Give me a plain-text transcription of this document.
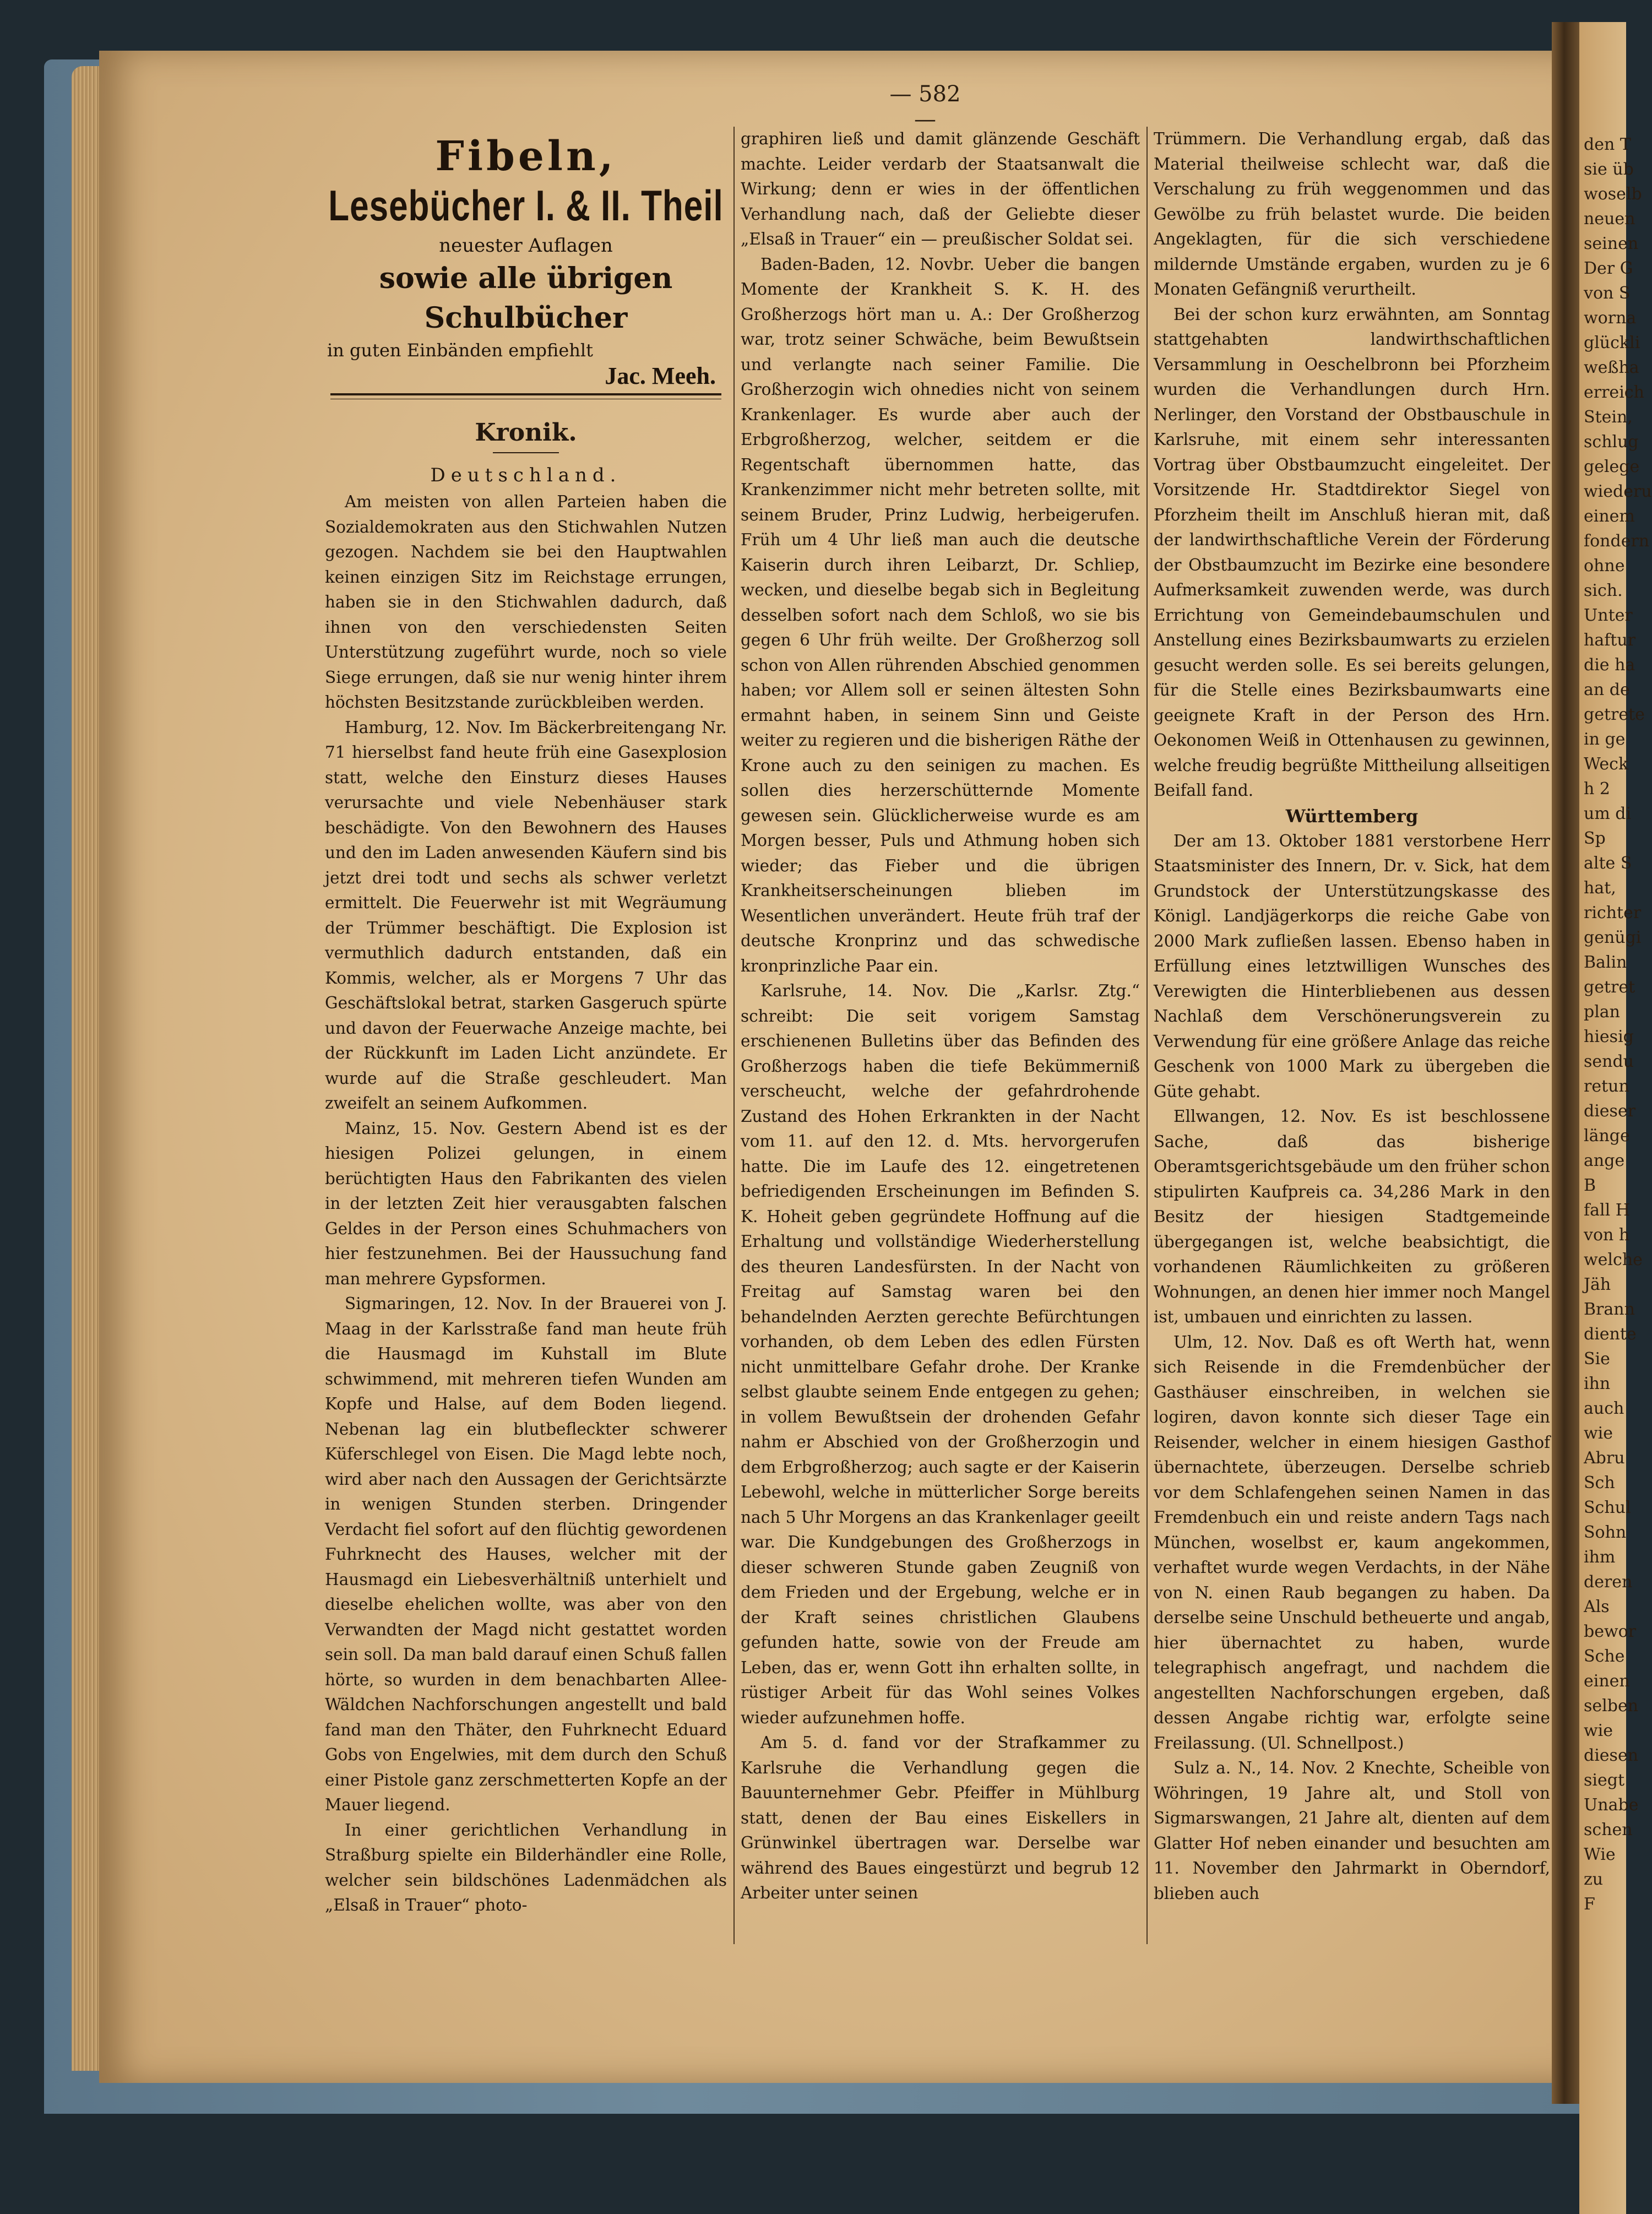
den T
sie üb
woselb
neuen
seinen
Der G
von S
worna
glückli
weßha
erreich
Stein,
schlug
gelege
wiederu
einem
fondern
ohne
sich.
Unter
haftur
die ha
an de
getrete
in ge
Weck
h 2
um di
Sp
alte S
hat,
richter
genügi
Balin
getret
plan
hiesig
sendu
retun
dieser
länge
ange
B
fall H
von h
welche
Jäh
Brann
diente
Sie
ihn
auch
wie
Abru
Sch
Schul
Sohn
ihm
deren
Als
bewor
Sche
einen
selben
wie
diesen
siegt
Unabe
schen
Wie
zu
F
— 582 —
Fibeln,
Lesebücher I. & II. Theil
neuester Auflagen
sowie alle übrigen Schulbücher
in guten Einbänden empfiehlt
Jac. Meeh.
Kronik.
Deutschland.

Am meisten von allen Parteien haben die Sozialdemokraten aus den Stichwahlen Nutzen gezogen. Nachdem sie bei den Hauptwahlen keinen einzigen Sitz im Reichstage errungen, haben sie in den Stichwahlen dadurch, daß ihnen von den verschiedensten Seiten Unterstützung zugeführt wurde, noch so viele Siege errungen, daß sie nur wenig hinter ihrem höchsten Besitzstande zurückbleiben werden.

Hamburg, 12. Nov. Im Bäckerbreitengang Nr. 71 hierselbst fand heute früh eine Gasexplosion statt, welche den Einsturz dieses Hauses verursachte und viele Nebenhäuser stark beschädigte. Von den Bewohnern des Hauses und den im Laden anwesenden Käufern sind bis jetzt drei todt und sechs als schwer verletzt ermittelt. Die Feuerwehr ist mit Wegräumung der Trümmer beschäftigt. Die Explosion ist vermuthlich dadurch entstanden, daß ein Kommis, welcher, als er Morgens 7 Uhr das Geschäftslokal betrat, starken Gasgeruch spürte und davon der Feuerwache Anzeige machte, bei der Rückkunft im Laden Licht anzündete. Er wurde auf die Straße geschleudert. Man zweifelt an seinem Aufkommen.

Mainz, 15. Nov. Gestern Abend ist es der hiesigen Polizei gelungen, in einem berüchtigten Haus den Fabrikanten des vielen in der letzten Zeit hier verausgabten falschen Geldes in der Person eines Schuhmachers von hier festzunehmen. Bei der Haussuchung fand man mehrere Gypsformen.

Sigmaringen, 12. Nov. In der Brauerei von J. Maag in der Karlsstraße fand man heute früh die Hausmagd im Kuhstall im Blute schwimmend, mit mehreren tiefen Wunden am Kopfe und Halse, auf dem Boden liegend. Nebenan lag ein blutbefleckter schwerer Küferschlegel von Eisen. Die Magd lebte noch, wird aber nach den Aussagen der Gerichtsärzte in wenigen Stunden sterben. Dringender Verdacht fiel sofort auf den flüchtig gewordenen Fuhrknecht des Hauses, welcher mit der Hausmagd ein Liebesverhältniß unterhielt und dieselbe ehelichen wollte, was aber von den Verwandten der Magd nicht gestattet worden sein soll. Da man bald darauf einen Schuß fallen hörte, so wurden in dem benachbarten Allee-Wäldchen Nachforschungen angestellt und bald fand man den Thäter, den Fuhrknecht Eduard Gobs von Engelwies, mit dem durch den Schuß einer Pistole ganz zerschmetterten Kopfe an der Mauer liegend.

In einer gerichtlichen Verhandlung in Straßburg spielte ein Bilderhändler eine Rolle, welcher sein bildschönes Ladenmädchen als „Elsaß in Trauer“ photo-

graphiren ließ und damit glänzende Geschäft machte. Leider verdarb der Staatsanwalt die Wirkung; denn er wies in der öffentlichen Verhandlung nach, daß der Geliebte dieser „Elsaß in Trauer“ ein — preußischer Soldat sei.

Baden-Baden, 12. Novbr. Ueber die bangen Momente der Krankheit S. K. H. des Großherzogs hört man u. A.: Der Großherzog war, trotz seiner Schwäche, beim Bewußtsein und verlangte nach seiner Familie. Die Großherzogin wich ohnedies nicht von seinem Krankenlager. Es wurde aber auch der Erbgroßherzog, welcher, seitdem er die Regentschaft übernommen hatte, das Krankenzimmer nicht mehr betreten sollte, mit seinem Bruder, Prinz Ludwig, herbeigerufen. Früh um 4 Uhr ließ man auch die deutsche Kaiserin durch ihren Leibarzt, Dr. Schliep, wecken, und dieselbe begab sich in Begleitung desselben sofort nach dem Schloß, wo sie bis gegen 6 Uhr früh weilte. Der Großherzog soll schon von Allen rührenden Abschied genommen haben; vor Allem soll er seinen ältesten Sohn ermahnt haben, in seinem Sinn und Geiste weiter zu regieren und die bisherigen Räthe der Krone auch zu den seinigen zu machen. Es sollen dies herzerschütternde Momente gewesen sein. Glücklicherweise wurde es am Morgen besser, Puls und Athmung hoben sich wieder; das Fieber und die übrigen Krankheitserscheinungen blieben im Wesentlichen unverändert. Heute früh traf der deutsche Kronprinz und das schwedische kronprinzliche Paar ein.

Karlsruhe, 14. Nov. Die „Karlsr. Ztg.“ schreibt: Die seit vorigem Samstag erschienenen Bulletins über das Befinden des Großherzogs haben die tiefe Bekümmerniß verscheucht, welche der gefahrdrohende Zustand des Hohen Erkrankten in der Nacht vom 11. auf den 12. d. Mts. hervorgerufen hatte. Die im Laufe des 12. eingetretenen befriedigenden Erscheinungen im Befinden S. K. Hoheit geben gegründete Hoffnung auf die Erhaltung und vollständige Wiederherstellung des theuren Landesfürsten. In der Nacht von Freitag auf Samstag waren bei den behandelnden Aerzten gerechte Befürchtungen vorhanden, ob dem Leben des edlen Fürsten nicht unmittelbare Gefahr drohe. Der Kranke selbst glaubte seinem Ende entgegen zu gehen; in vollem Bewußtsein der drohenden Gefahr nahm er Abschied von der Großherzogin und dem Erbgroßherzog; auch sagte er der Kaiserin Lebewohl, welche in mütterlicher Sorge bereits nach 5 Uhr Morgens an das Krankenlager geeilt war. Die Kundgebungen des Großherzogs in dieser schweren Stunde gaben Zeugniß von dem Frieden und der Ergebung, welche er in der Kraft seines christlichen Glaubens gefunden hatte, sowie von der Freude am Leben, das er, wenn Gott ihn erhalten sollte, in rüstiger Arbeit für das Wohl seines Volkes wieder aufzunehmen hoffe.

Am 5. d. fand vor der Strafkammer zu Karlsruhe die Verhandlung gegen die Bauunternehmer Gebr. Pfeiffer in Mühlburg statt, denen der Bau eines Eiskellers in Grünwinkel übertragen war. Derselbe war während des Baues eingestürzt und begrub 12 Arbeiter unter seinen

Trümmern. Die Verhandlung ergab, daß das Material theilweise schlecht war, daß die Verschalung zu früh weggenommen und das Gewölbe zu früh belastet wurde. Die beiden Angeklagten, für die sich verschiedene mildernde Umstände ergaben, wurden zu je 6 Monaten Gefängniß verurtheilt.

Bei der schon kurz erwähnten, am Sonntag stattgehabten landwirthschaftlichen Versammlung in Oeschelbronn bei Pforzheim wurden die Verhandlungen durch Hrn. Nerlinger, den Vorstand der Obstbauschule in Karlsruhe, mit einem sehr interessanten Vortrag über Obstbaumzucht eingeleitet. Der Vorsitzende Hr. Stadtdirektor Siegel von Pforzheim theilt im Anschluß hieran mit, daß der landwirthschaftliche Verein der Förderung der Obstbaumzucht im Bezirke eine besondere Aufmerksamkeit zuwenden werde, was durch Errichtung von Gemeindebaumschulen und Anstellung eines Bezirksbaumwarts zu erzielen gesucht werden solle. Es sei bereits gelungen, für die Stelle eines Bezirksbaumwarts eine geeignete Kraft in der Person des Hrn. Oekonomen Weiß in Ottenhausen zu gewinnen, welche freudig begrüßte Mittheilung allseitigen Beifall fand.

Württemberg

Der am 13. Oktober 1881 verstorbene Herr Staatsminister des Innern, Dr. v. Sick, hat dem Grundstock der Unterstützungskasse des Königl. Landjägerkorps die reiche Gabe von 2000 Mark zufließen lassen. Ebenso haben in Erfüllung eines letztwilligen Wunsches des Verewigten die Hinterbliebenen aus dessen Nachlaß dem Verschönerungsverein zu Verwendung für eine größere Anlage das reiche Geschenk von 1000 Mark zu übergeben die Güte gehabt.

Ellwangen, 12. Nov. Es ist beschlossene Sache, daß das bisherige Oberamtsgerichtsgebäude um den früher schon stipulirten Kaufpreis ca. 34,286 Mark in den Besitz der hiesigen Stadtgemeinde übergegangen ist, welche beabsichtigt, die vorhandenen Räumlichkeiten zu größeren Wohnungen, an denen hier immer noch Mangel ist, umbauen und einrichten zu lassen.

Ulm, 12. Nov. Daß es oft Werth hat, wenn sich Reisende in die Fremdenbücher der Gasthäuser einschreiben, in welchen sie logiren, davon konnte sich dieser Tage ein Reisender, welcher in einem hiesigen Gasthof übernachtete, überzeugen. Derselbe schrieb vor dem Schlafengehen seinen Namen in das Fremdenbuch ein und reiste andern Tags nach München, woselbst er, kaum angekommen, verhaftet wurde wegen Verdachts, in der Nähe von N. einen Raub begangen zu haben. Da derselbe seine Unschuld betheuerte und angab, hier übernachtet zu haben, wurde telegraphisch angefragt, und nachdem die angestellten Nachforschungen ergeben, daß dessen Angabe richtig war, erfolgte seine Freilassung. (Ul. Schnellpost.)

Sulz a. N., 14. Nov. 2 Knechte, Scheible von Wöhringen, 19 Jahre alt, und Stoll von Sigmarswangen, 21 Jahre alt, dienten auf dem Glatter Hof neben einander und besuchten am 11. November den Jahrmarkt in Oberndorf, blieben auch
